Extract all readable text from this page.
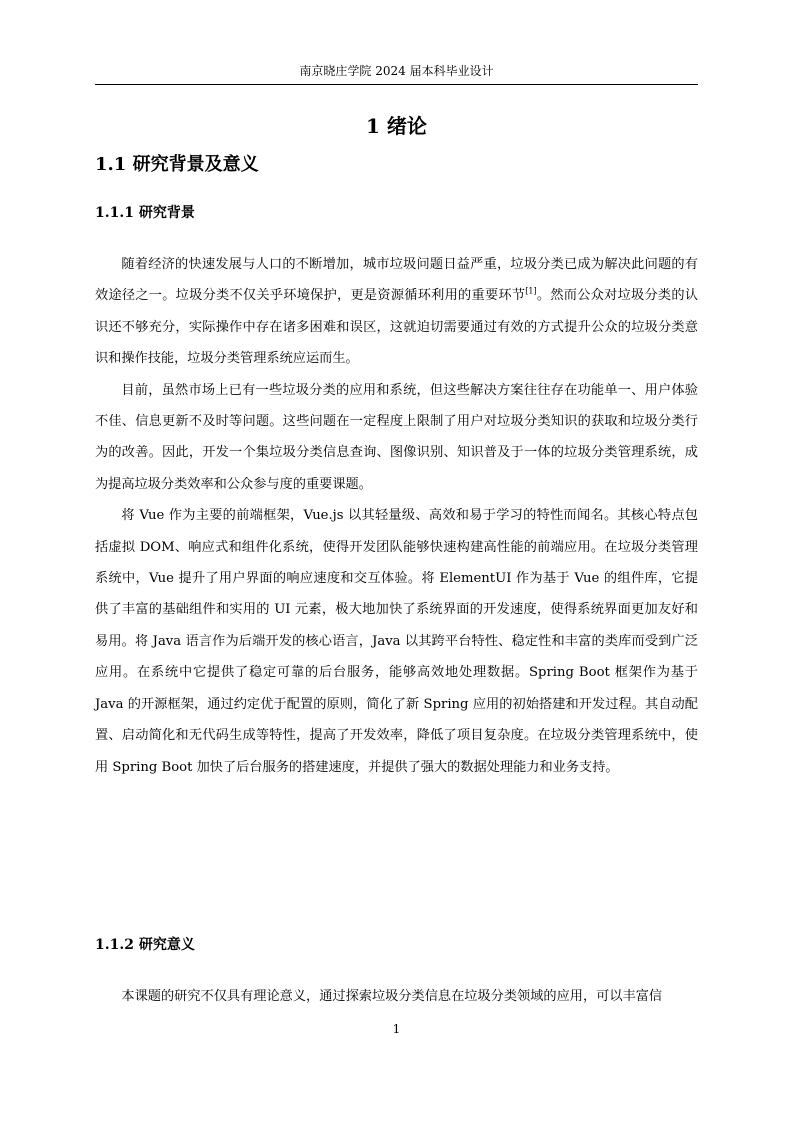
南京晓庄学院 2024 届本科毕业设计
1 绪论
1.1 研究背景及意义
1.1.1 研究背景

随着经济的快速发展与人口的不断增加，城市垃圾问题日益严重，垃圾分类已成为解决此问题的有效途径之一。垃圾分类不仅关乎环境保护，更是资源循环利用的重要环节[1]。然而公众对垃圾分类的认识还不够充分，实际操作中存在诸多困难和误区，这就迫切需要通过有效的方式提升公众的垃圾分类意识和操作技能，垃圾分类管理系统应运而生。

目前，虽然市场上已有一些垃圾分类的应用和系统，但这些解决方案往往存在功能单一、用户体验不佳、信息更新不及时等问题。这些问题在一定程度上限制了用户对垃圾分类知识的获取和垃圾分类行为的改善。因此，开发一个集垃圾分类信息查询、图像识别、知识普及于一体的垃圾分类管理系统，成为提高垃圾分类效率和公众参与度的重要课题。

将 Vue 作为主要的前端框架，Vue.js 以其轻量级、高效和易于学习的特性而闻名。其核心特点包括虚拟 DOM、响应式和组件化系统，使得开发团队能够快速构建高性能的前端应用。在垃圾分类管理系统中，Vue 提升了用户界面的响应速度和交互体验。将 ElementUI 作为基于 Vue 的组件库，它提供了丰富的基础组件和实用的 UI 元素，极大地加快了系统界面的开发速度，使得系统界面更加友好和易用。将 Java 语言作为后端开发的核心语言，Java 以其跨平台特性、稳定性和丰富的类库而受到广泛应用。在系统中它提供了稳定可靠的后台服务，能够高效地处理数据。Spring Boot 框架作为基于 Java 的开源框架，通过约定优于配置的原则，简化了新 Spring 应用的初始搭建和开发过程。其自动配置、启动简化和无代码生成等特性，提高了开发效率，降低了项目复杂度。在垃圾分类管理系统中，使用 Spring Boot 加快了后台服务的搭建速度，并提供了强大的数据处理能力和业务支持。

1.1.2 研究意义

本课题的研究不仅具有理论意义，通过探索垃圾分类信息在垃圾分类领域的应用，可以丰富信

1
